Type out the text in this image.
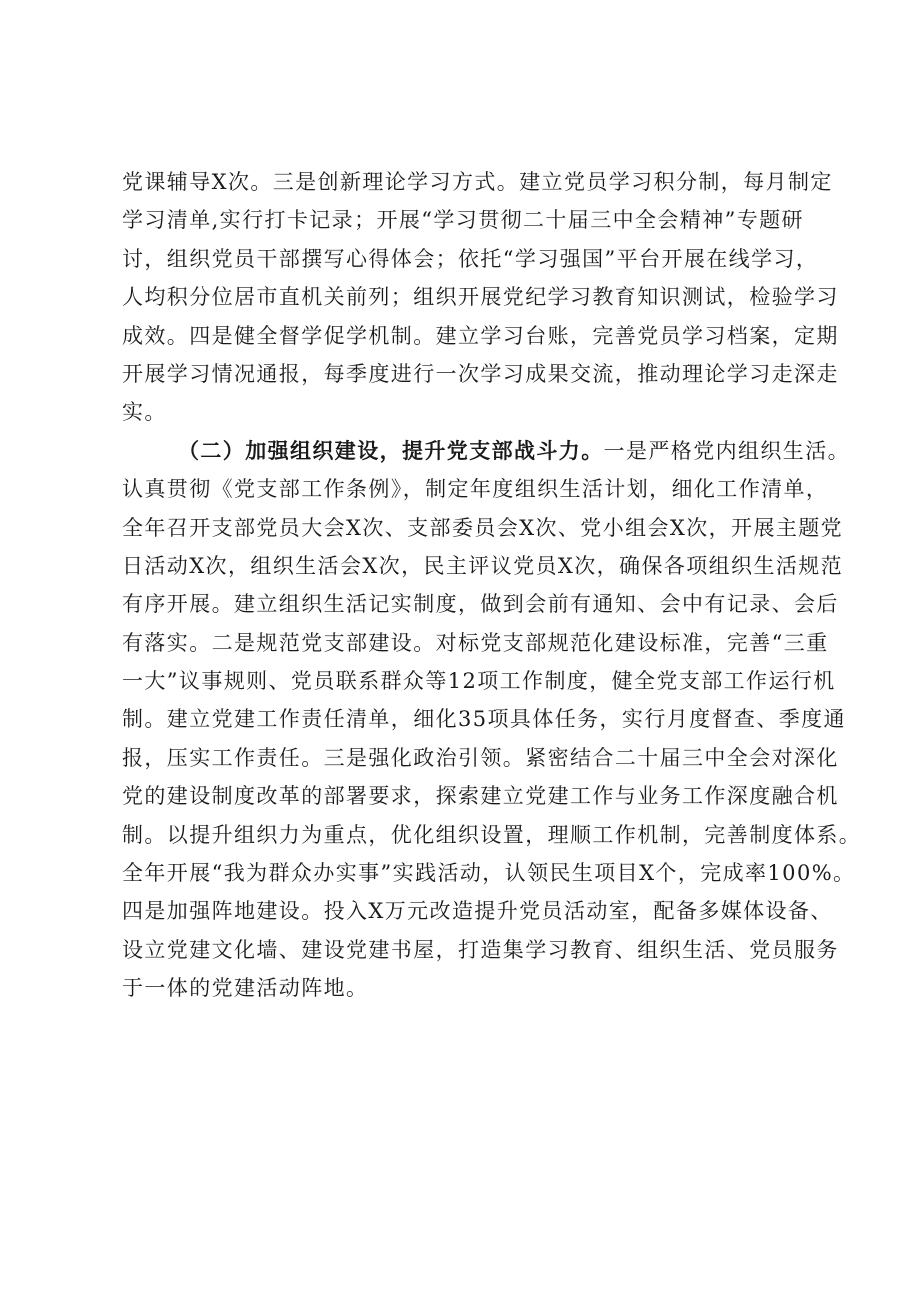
党课辅导X次。三是创新理论学习方式。建立党员学习积分制，每月制定
学习清单,实行打卡记录；开展“学习贯彻二十届三中全会精神”专题研
讨，组织党员干部撰写心得体会；依托“学习强国”平台开展在线学习，
人均积分位居市直机关前列；组织开展党纪学习教育知识测试，检验学习
成效。四是健全督学促学机制。建立学习台账，完善党员学习档案，定期
开展学习情况通报，每季度进行一次学习成果交流，推动理论学习走深走
实。
（二）加强组织建设，提升党支部战斗力。一是严格党内组织生活。
认真贯彻《党支部工作条例》，制定年度组织生活计划，细化工作清单，
全年召开支部党员大会X次、支部委员会X次、党小组会X次，开展主题党
日活动X次，组织生活会X次，民主评议党员X次，确保各项组织生活规范
有序开展。建立组织生活记实制度，做到会前有通知、会中有记录、会后
有落实。二是规范党支部建设。对标党支部规范化建设标准，完善“三重
一大”议事规则、党员联系群众等12项工作制度，健全党支部工作运行机
制。建立党建工作责任清单，细化35项具体任务，实行月度督查、季度通
报，压实工作责任。三是强化政治引领。紧密结合二十届三中全会对深化
党的建设制度改革的部署要求，探索建立党建工作与业务工作深度融合机
制。以提升组织力为重点，优化组织设置，理顺工作机制，完善制度体系。
全年开展“我为群众办实事”实践活动，认领民生项目X个，完成率100%。
四是加强阵地建设。投入X万元改造提升党员活动室，配备多媒体设备、
设立党建文化墙、建设党建书屋，打造集学习教育、组织生活、党员服务
于一体的党建活动阵地。
